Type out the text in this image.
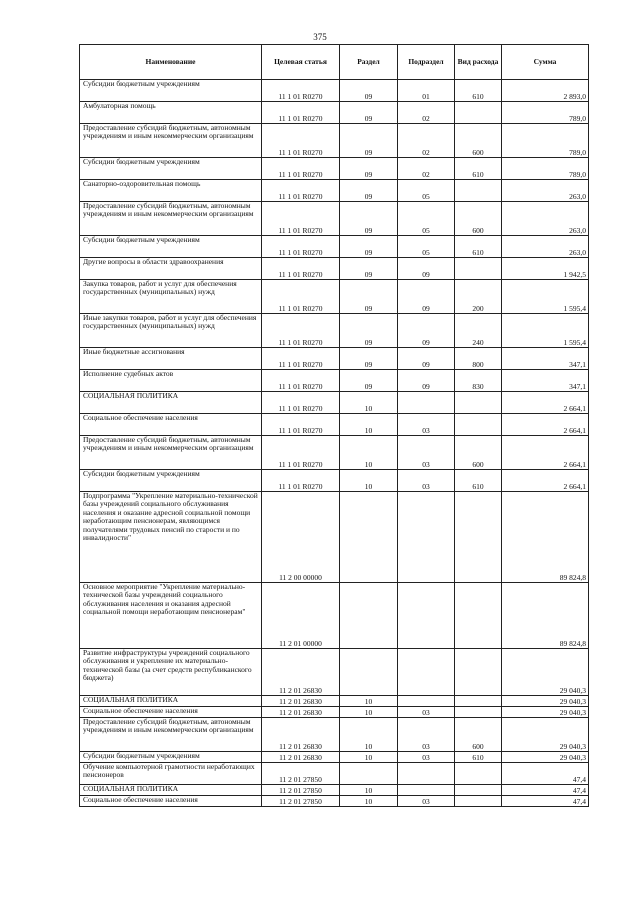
375
Наименование	Целевая статья	Раздел	Подраздел	Вид расхода	Сумма
Субсидии бюджетным учреждениям	11 1 01 R0270	09	01	610	2 893,0
Амбулаторная помощь	11 1 01 R0270	09	02		789,0
Предоставление субсидий бюджетным, автономным учреждениям и иным некоммерческим организациям	11 1 01 R0270	09	02	600	789,0
Субсидии бюджетным учреждениям	11 1 01 R0270	09	02	610	789,0
Санаторно-оздоровительная помощь	11 1 01 R0270	09	05		263,0
Предоставление субсидий бюджетным, автономным учреждениям и иным некоммерческим организациям	11 1 01 R0270	09	05	600	263,0
Субсидии бюджетным учреждениям	11 1 01 R0270	09	05	610	263,0
Другие вопросы в области здравоохранения	11 1 01 R0270	09	09		1 942,5
Закупка товаров, работ и услуг для обеспечения государственных (муниципальных) нужд	11 1 01 R0270	09	09	200	1 595,4
Иные закупки товаров, работ и услуг для обеспечения государственных (муниципальных) нужд	11 1 01 R0270	09	09	240	1 595,4
Иные бюджетные ассигнования	11 1 01 R0270	09	09	800	347,1
Исполнение судебных актов	11 1 01 R0270	09	09	830	347,1
СОЦИАЛЬНАЯ ПОЛИТИКА	11 1 01 R0270	10			2 664,1
Социальное обеспечение населения	11 1 01 R0270	10	03		2 664,1
Предоставление субсидий бюджетным, автономным учреждениям и иным некоммерческим организациям	11 1 01 R0270	10	03	600	2 664,1
Субсидии бюджетным учреждениям	11 1 01 R0270	10	03	610	2 664,1
Подпрограмма "Укрепление материально-технической базы учреждений социального обслуживания населения и оказание адресной социальной помощи неработающим пенсионерам, являющимся получателями трудовых пенсий по старости и по инвалидности"	11 2 00 00000				89 824,8
Основное мероприятие "Укрепление материально-технической базы учреждений социального обслуживания населения и оказания адресной социальной помощи неработающим пенсионерам"	11 2 01 00000				89 824,8
Развитие инфраструктуры учреждений социального обслуживания и укрепление их материально- технической базы (за счет средств республиканского бюджета)	11 2 01 26830				29 040,3
СОЦИАЛЬНАЯ ПОЛИТИКА	11 2 01 26830	10			29 040,3
Социальное обеспечение населения	11 2 01 26830	10	03		29 040,3
Предоставление субсидий бюджетным, автономным учреждениям и иным некоммерческим организациям	11 2 01 26830	10	03	600	29 040,3
Субсидии бюджетным учреждениям	11 2 01 26830	10	03	610	29 040,3
Обучение компьютерной грамотности неработающих пенсионеров	11 2 01 27850				47,4
СОЦИАЛЬНАЯ ПОЛИТИКА	11 2 01 27850	10			47,4
Социальное обеспечение населения	11 2 01 27850	10	03		47,4
